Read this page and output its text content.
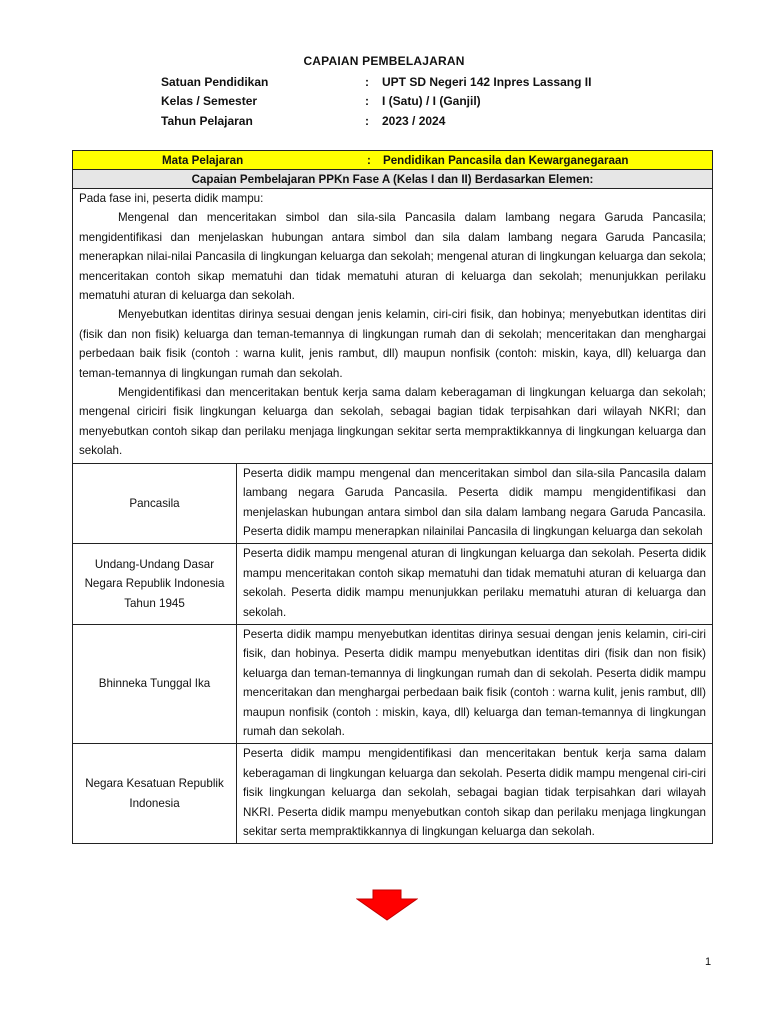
CAPAIAN PEMBELAJARAN
Satuan Pendidikan	:	UPT SD Negeri 142 Inpres Lassang II
Kelas / Semester	:	I (Satu) / I (Ganjil)
Tahun Pelajaran	:	2023 / 2024
Mata Pelajaran : Pendidikan Pancasila dan Kewarganegaraan	

Capaian Pembelajaran PPKn Fase A (Kelas I dan II) Berdasarkan Elemen:	

Pada fase ini, peserta didik mampu:

Mengenal dan menceritakan simbol dan sila-sila Pancasila dalam lambang negara Garuda Pancasila; mengidentifikasi dan menjelaskan hubungan antara simbol dan sila dalam lambang negara Garuda Pancasila; menerapkan nilai-nilai Pancasila di lingkungan keluarga dan sekolah; mengenal aturan di lingkungan keluarga dan sekola; menceritakan contoh sikap mematuhi dan tidak mematuhi aturan di keluarga dan sekolah; menunjukkan perilaku mematuhi aturan di keluarga dan sekolah.

Menyebutkan identitas dirinya sesuai dengan jenis kelamin, ciri-ciri fisik, dan hobinya; menyebutkan identitas diri (fisik dan non fisik) keluarga dan teman-temannya di lingkungan rumah dan di sekolah; menceritakan dan menghargai perbedaan baik fisik (contoh : warna kulit, jenis rambut, dll) maupun nonfisik (contoh: miskin, kaya, dll) keluarga dan teman-temannya di lingkungan rumah dan sekolah.

Mengidentifikasi dan menceritakan bentuk kerja sama dalam keberagaman di lingkungan keluarga dan sekolah; mengenal ciriciri fisik lingkungan keluarga dan sekolah, sebagai bagian tidak terpisahkan dari wilayah NKRI; dan menyebutkan contoh sikap dan perilaku menjaga lingkungan sekitar serta mempraktikkannya di lingkungan keluarga dan sekolah.	

Pancasila	Peserta didik mampu mengenal dan menceritakan simbol dan sila-sila Pancasila dalam lambang negara Garuda Pancasila. Peserta didik mampu mengidentifikasi dan menjelaskan hubungan antara simbol dan sila dalam lambang negara Garuda Pancasila. Peserta didik mampu menerapkan nilainilai Pancasila di lingkungan keluarga dan sekolah
Undang-Undang Dasar Negara Republik Indonesia Tahun 1945	Peserta didik mampu mengenal aturan di lingkungan keluarga dan sekolah. Peserta didik mampu menceritakan contoh sikap mematuhi dan tidak mematuhi aturan di keluarga dan sekolah. Peserta didik mampu menunjukkan perilaku mematuhi aturan di keluarga dan sekolah.
Bhinneka Tunggal Ika	Peserta didik mampu menyebutkan identitas dirinya sesuai dengan jenis kelamin, ciri-ciri fisik, dan hobinya. Peserta didik mampu menyebutkan identitas diri (fisik dan non fisik) keluarga dan teman-temannya di lingkungan rumah dan di sekolah. Peserta didik mampu menceritakan dan menghargai perbedaan baik fisik (contoh : warna kulit, jenis rambut, dll) maupun nonfisik (contoh : miskin, kaya, dll) keluarga dan teman-temannya di lingkungan rumah dan sekolah.
Negara Kesatuan Republik Indonesia	Peserta didik mampu mengidentifikasi dan menceritakan bentuk kerja sama dalam keberagaman di lingkungan keluarga dan sekolah. Peserta didik mampu mengenal ciri-ciri fisik lingkungan keluarga dan sekolah, sebagai bagian tidak terpisahkan dari wilayah NKRI. Peserta didik mampu menyebutkan contoh sikap dan perilaku menjaga lingkungan sekitar serta mempraktikkannya di lingkungan keluarga dan sekolah.
1
